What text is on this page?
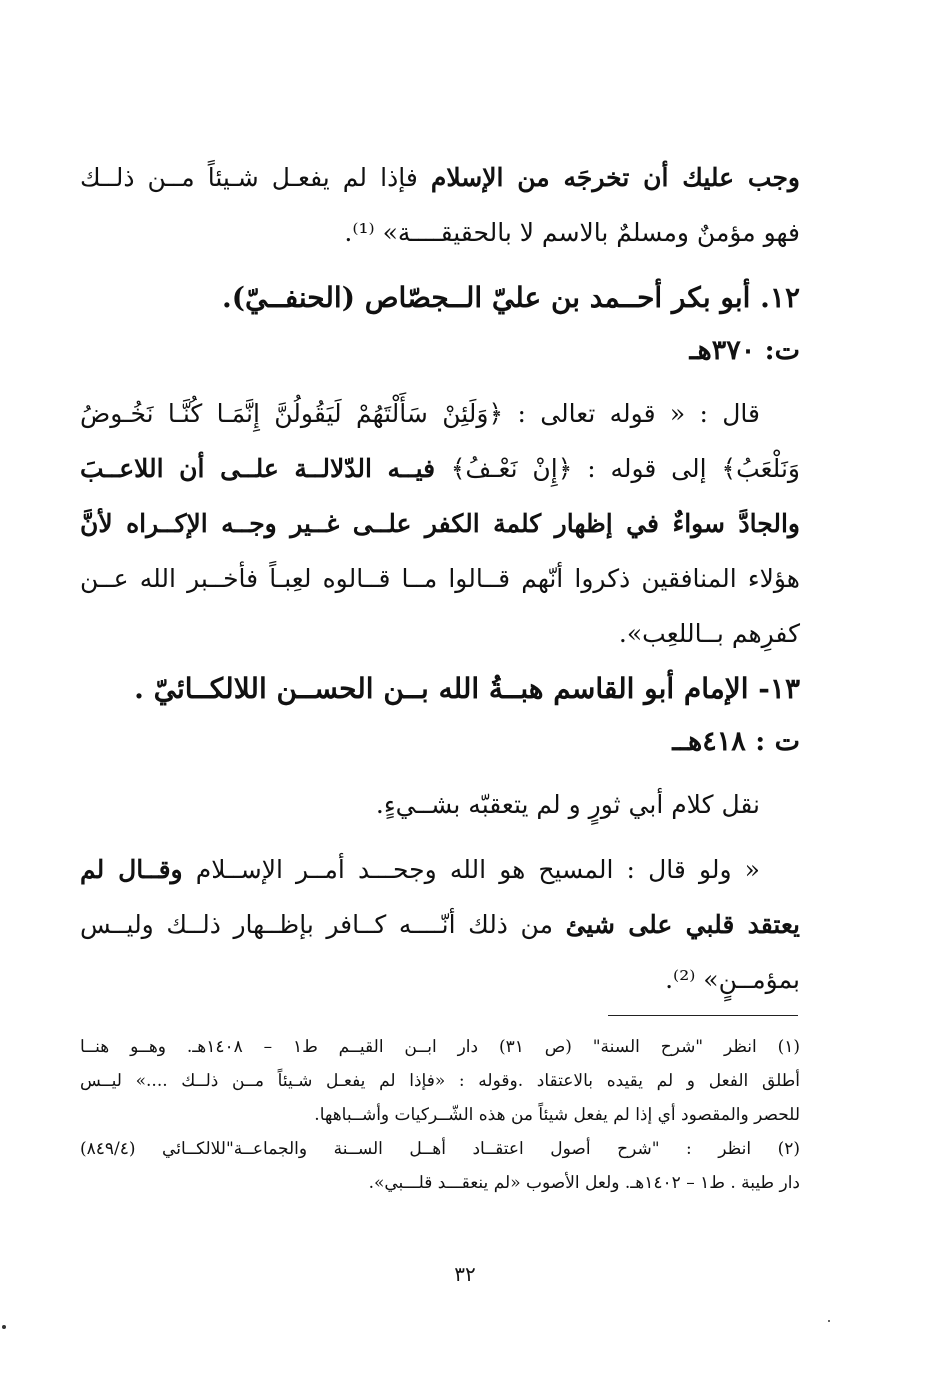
وجب عليك أن تخرجَه من الإسلام فإذا لم يفعـل شـيئاً مــن ذلــك
فهو مؤمنٌ ومسلمٌ بالاسم لا بالحقيقــــة» ⁽¹⁾.
١٢. أبو بكر أحــمد بن عليّ الــجصّاص (الحنفــيّ).
ت: ٣٧٠هـ
قال : « قوله تعالى : ﴿وَلَئِنْ سَأَلْتَهُمْ لَيَقُولُنَّ إِنَّمَـا كُنَّـا نَخُـوضُ
وَنَلْعَبُ﴾ إلى قوله : ﴿إِنْ نَعْـفُ﴾ فيــه الدّلالــة علــى أن اللاعــبَ
والجادَّ سواءٌ في إظهار كلمة الكفر علــى غــير وجــه الإكــراه لأنَّ
هؤلاء المنافقين ذكروا أنّهم قــالوا مــا قــالوه لعِبـاً فأخــبر الله عــن
كفرِهم بــاللعِب».
١٣- الإمام أبو القاسم هبــةُ الله بــن الحســن اللالكــائيّ .
ت : ٤١٨هــ
نقل كلام أبي ثورٍ و لم يتعقبّه بشــيءٍ.
« ولو قال : المسيح هو الله وجحـــد أمــر الإســلام وقــال لم
يعتقد قلبي على شيئ من ذلك أنّــــه كــافر بإظــهار ذلــك وليــس
بمؤمــنٍ» ⁽²⁾.
(١) انظر "شرح السنة" (ص ٣١) دار ابــن القيــم ط١ – ١٤٠٨هـ. وهــو هنــا
أطلق الفعل و لم يقيده بالاعتقاد .وقوله : «فإذا لم يفعـل شـيئاً مــن ذلــك ....» ليــس
للحصر والمقصود أي إذا لم يفعل شيئاً من هذه الشّــركيات وأشــباهها.
(٢) انظر : "شرح أصول اعتقــاد أهــل الســنة والجماعــة"للالكــائي (٨٤٩/٤)
دار طيبة . ط١ – ١٤٠٢هـ. ولعل الأصوب «لم ينعقـــد قلـــبي».
٣٢
